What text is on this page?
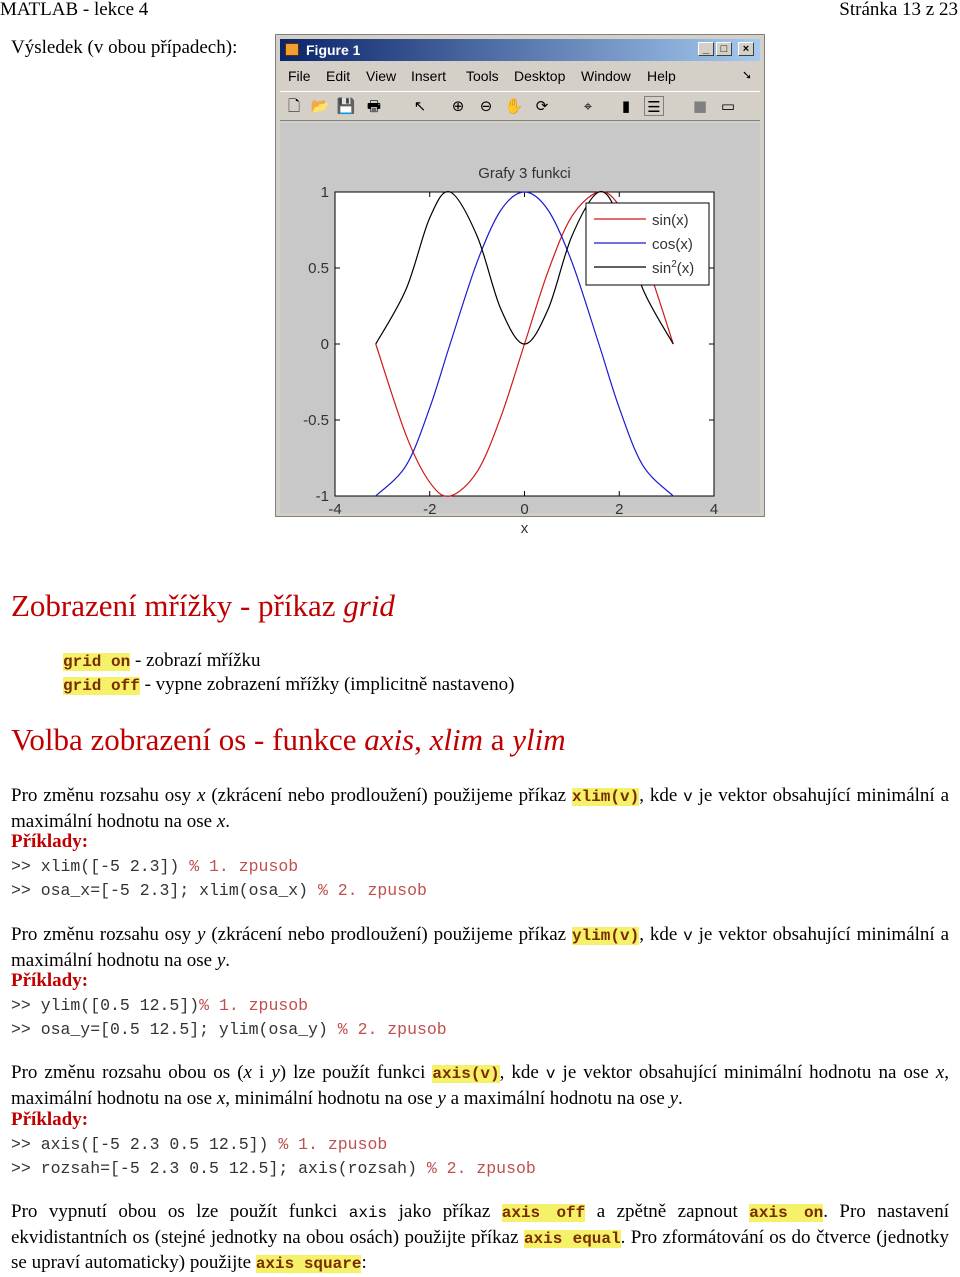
MATLAB - lekce 4	Stránka 13 z 23
Výsledek (v obou případech):	Figure 1	_	□	×
File Edit View Insert Tools Desktop Window Help	➘
🗋 📂 💾 🖶 ↖ ⊕ ⊖ ✋ ⟳	⌖	▮	☰ ■ ▭
-4	-2	0	2	4
1
0.5
0
-0.5
-1
Grafy 3 funkci
x
sin(x)
cos(x)
$\sin^2(x)$
Zobrazení mřížky - příkaz grid
grid on - zobrazí mřížku
grid off - vypne zobrazení mřížky (implicitně nastaveno)
Volba zobrazení os - funkce axis, xlim a ylim
Pro změnu rozsahu osy x (zkrácení nebo prodloužení) použijeme příkaz xlim(v), kde v je vektor obsahující minimální a maximální hodnotu na ose x.
Příklady:
>> xlim([-5 2.3]) % 1. zpusob
>> osa_x=[-5 2.3]; xlim(osa_x) % 2. zpusob
Pro změnu rozsahu osy y (zkrácení nebo prodloužení) použijeme příkaz ylim(v), kde v je vektor obsahující minimální a maximální hodnotu na ose y.
Příklady:
>> ylim([0.5 12.5])% 1. zpusob
>> osa_y=[0.5 12.5]; ylim(osa_y) % 2. zpusob
Pro změnu rozsahu obou os (x i y) lze použít funkci axis(v), kde v je vektor obsahující minimální hodnotu na ose x, maximální hodnotu na ose x, minimální hodnotu na ose y a maximální hodnotu na ose y.
Příklady:
>> axis([-5 2.3 0.5 12.5]) % 1. zpusob
>> rozsah=[-5 2.3 0.5 12.5]; axis(rozsah) % 2. zpusob
Pro vypnutí obou os lze použít funkci axis jako příkaz axis off a zpětně zapnout axis on. Pro nastavení ekvidistantních os (stejné jednotky na obou osách) použijte příkaz axis equal. Pro zformátování os do čtverce (jednotky se upraví automaticky) použijte axis square:
